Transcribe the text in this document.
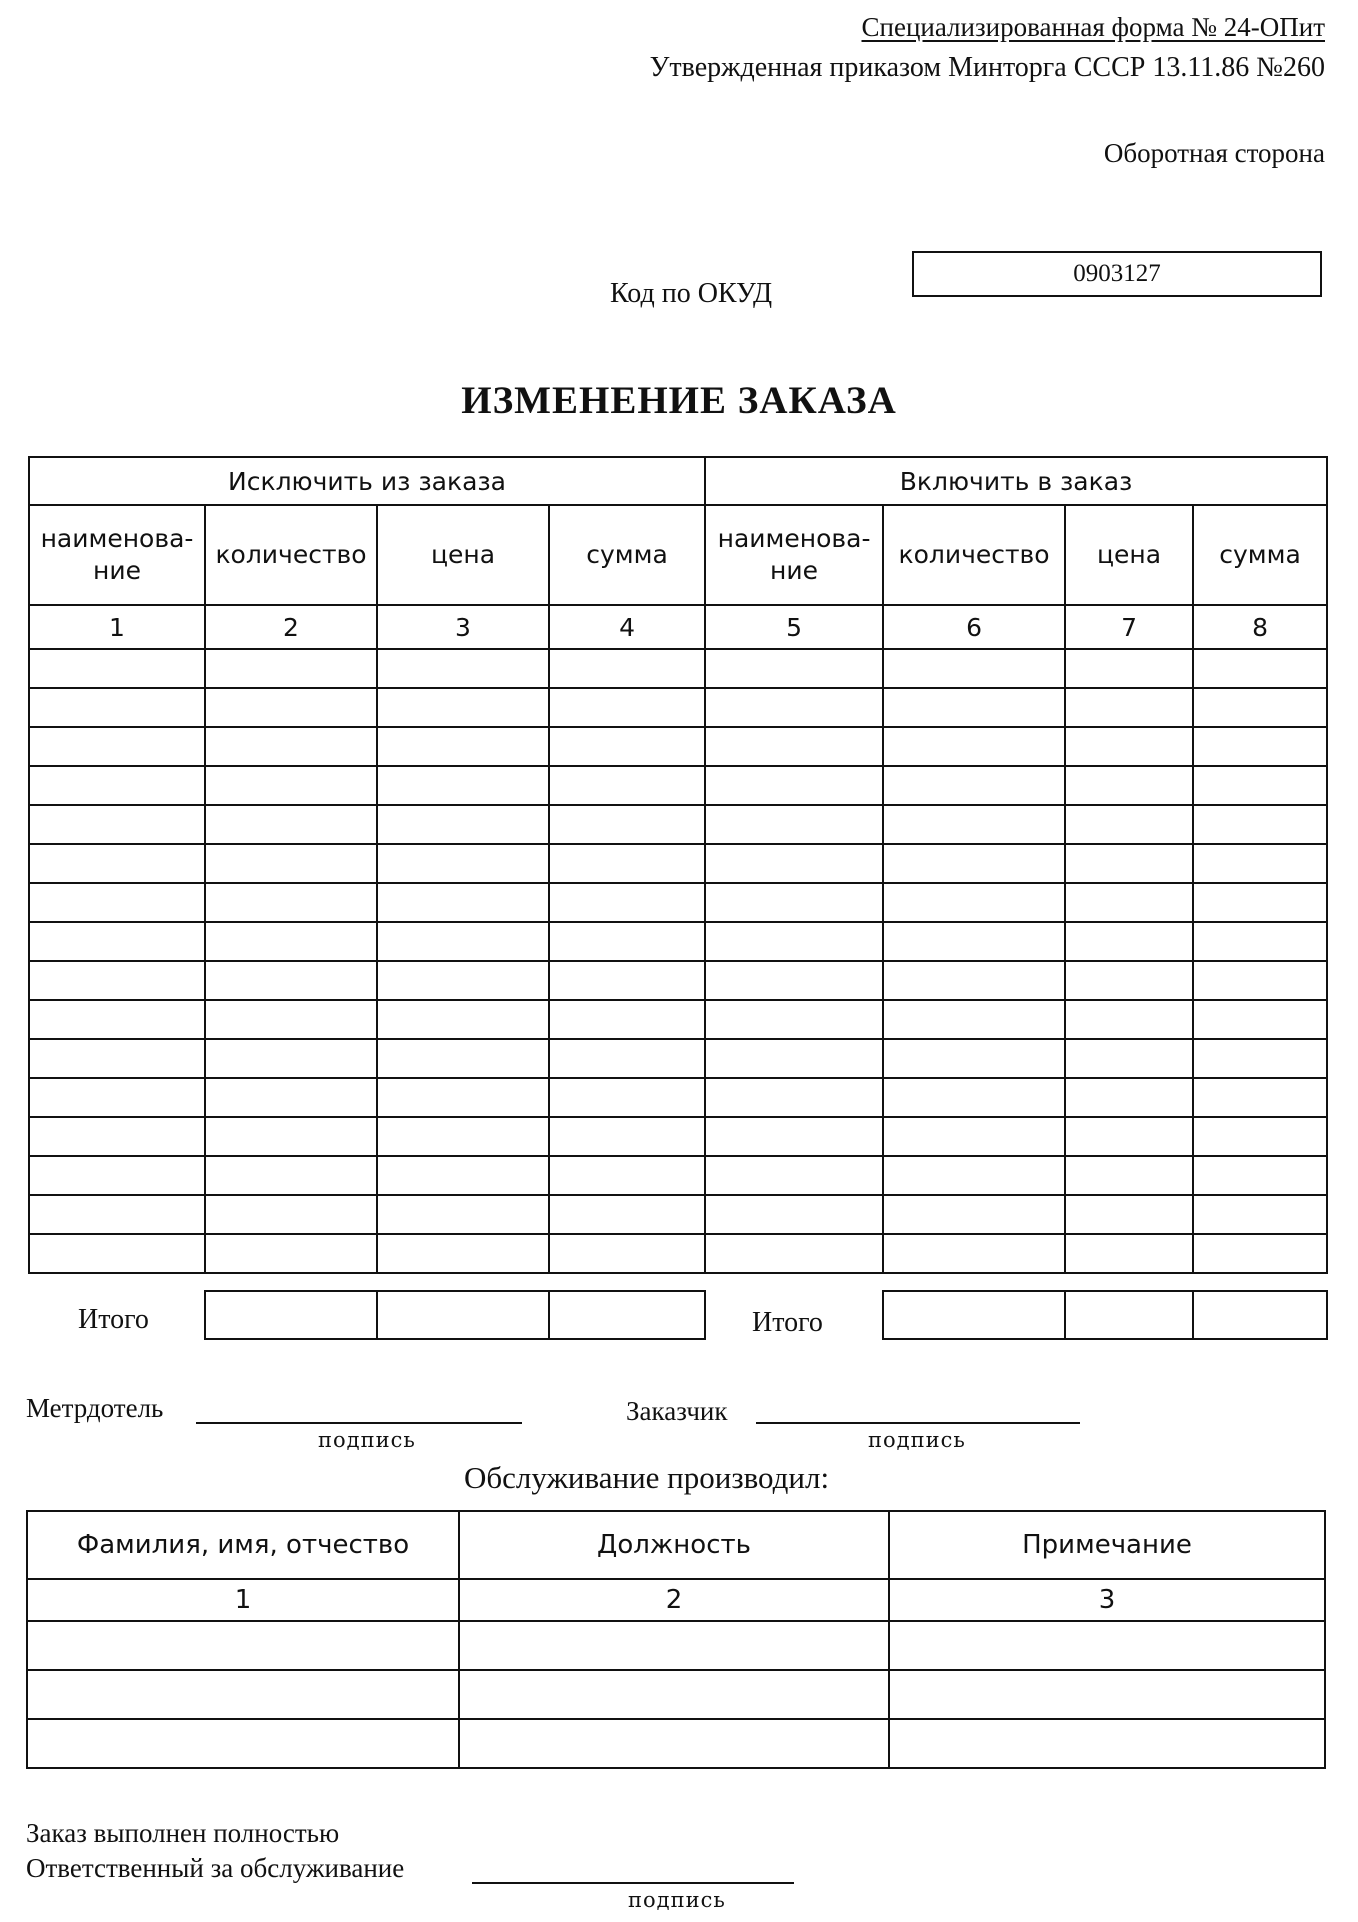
Специализированная форма № 24-ОПит
Утвержденная приказом Минторга СССР 13.11.86 №260
Оборотная сторона
Код по ОКУД
0903127
ИЗМЕНЕНИЕ ЗАКАЗА
Исключить из заказа				Включить в заказ			
наименова-ние	количество	цена	сумма	наименова-ние	количество	цена	сумма
1	2	3	4	5	6	7	8

Итого
			Итого

Метрдотель
подпись
Заказчик
подпись
Обслуживание производил:
Фамилия, имя, отчество	Должность	Примечание
1	2	3

Заказ выполнен полностью
Ответственный за обслуживание
подпись
